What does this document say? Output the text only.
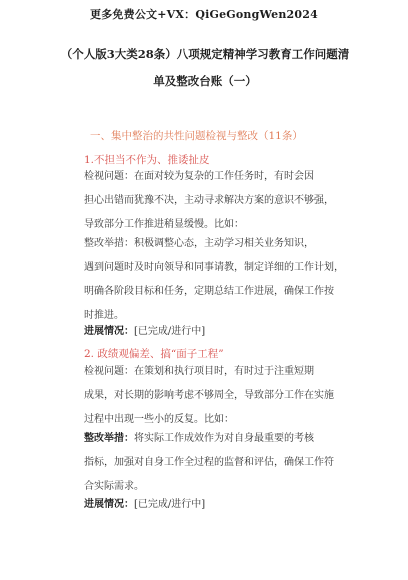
更多免费公文+VX：QiGeGongWen2024
（个人版3大类28条）八项规定精神学习教育工作问题清
单及整改台账（一）
一、集中整治的共性问题检视与整改（11条）
1.不担当不作为、推诿扯皮
检视问题：在面对较为复杂的工作任务时，有时会因
担心出错而犹豫不决，主动寻求解决方案的意识不够强，
导致部分工作推进稍显缓慢。比如：
整改举措：积极调整心态，主动学习相关业务知识，
遇到问题时及时向领导和同事请教，制定详细的工作计划，
明确各阶段目标和任务，定期总结工作进展，确保工作按
时推进。
进展情况：[已完成/进行中]
2. 政绩观偏差、搞“面子工程”
检视问题：在策划和执行项目时，有时过于注重短期
成果，对长期的影响考虑不够周全，导致部分工作在实施
过程中出现一些小的反复。比如：
整改举措：将实际工作成效作为对自身最重要的考核
指标，加强对自身工作全过程的监督和评估，确保工作符
合实际需求。
进展情况：[已完成/进行中]
